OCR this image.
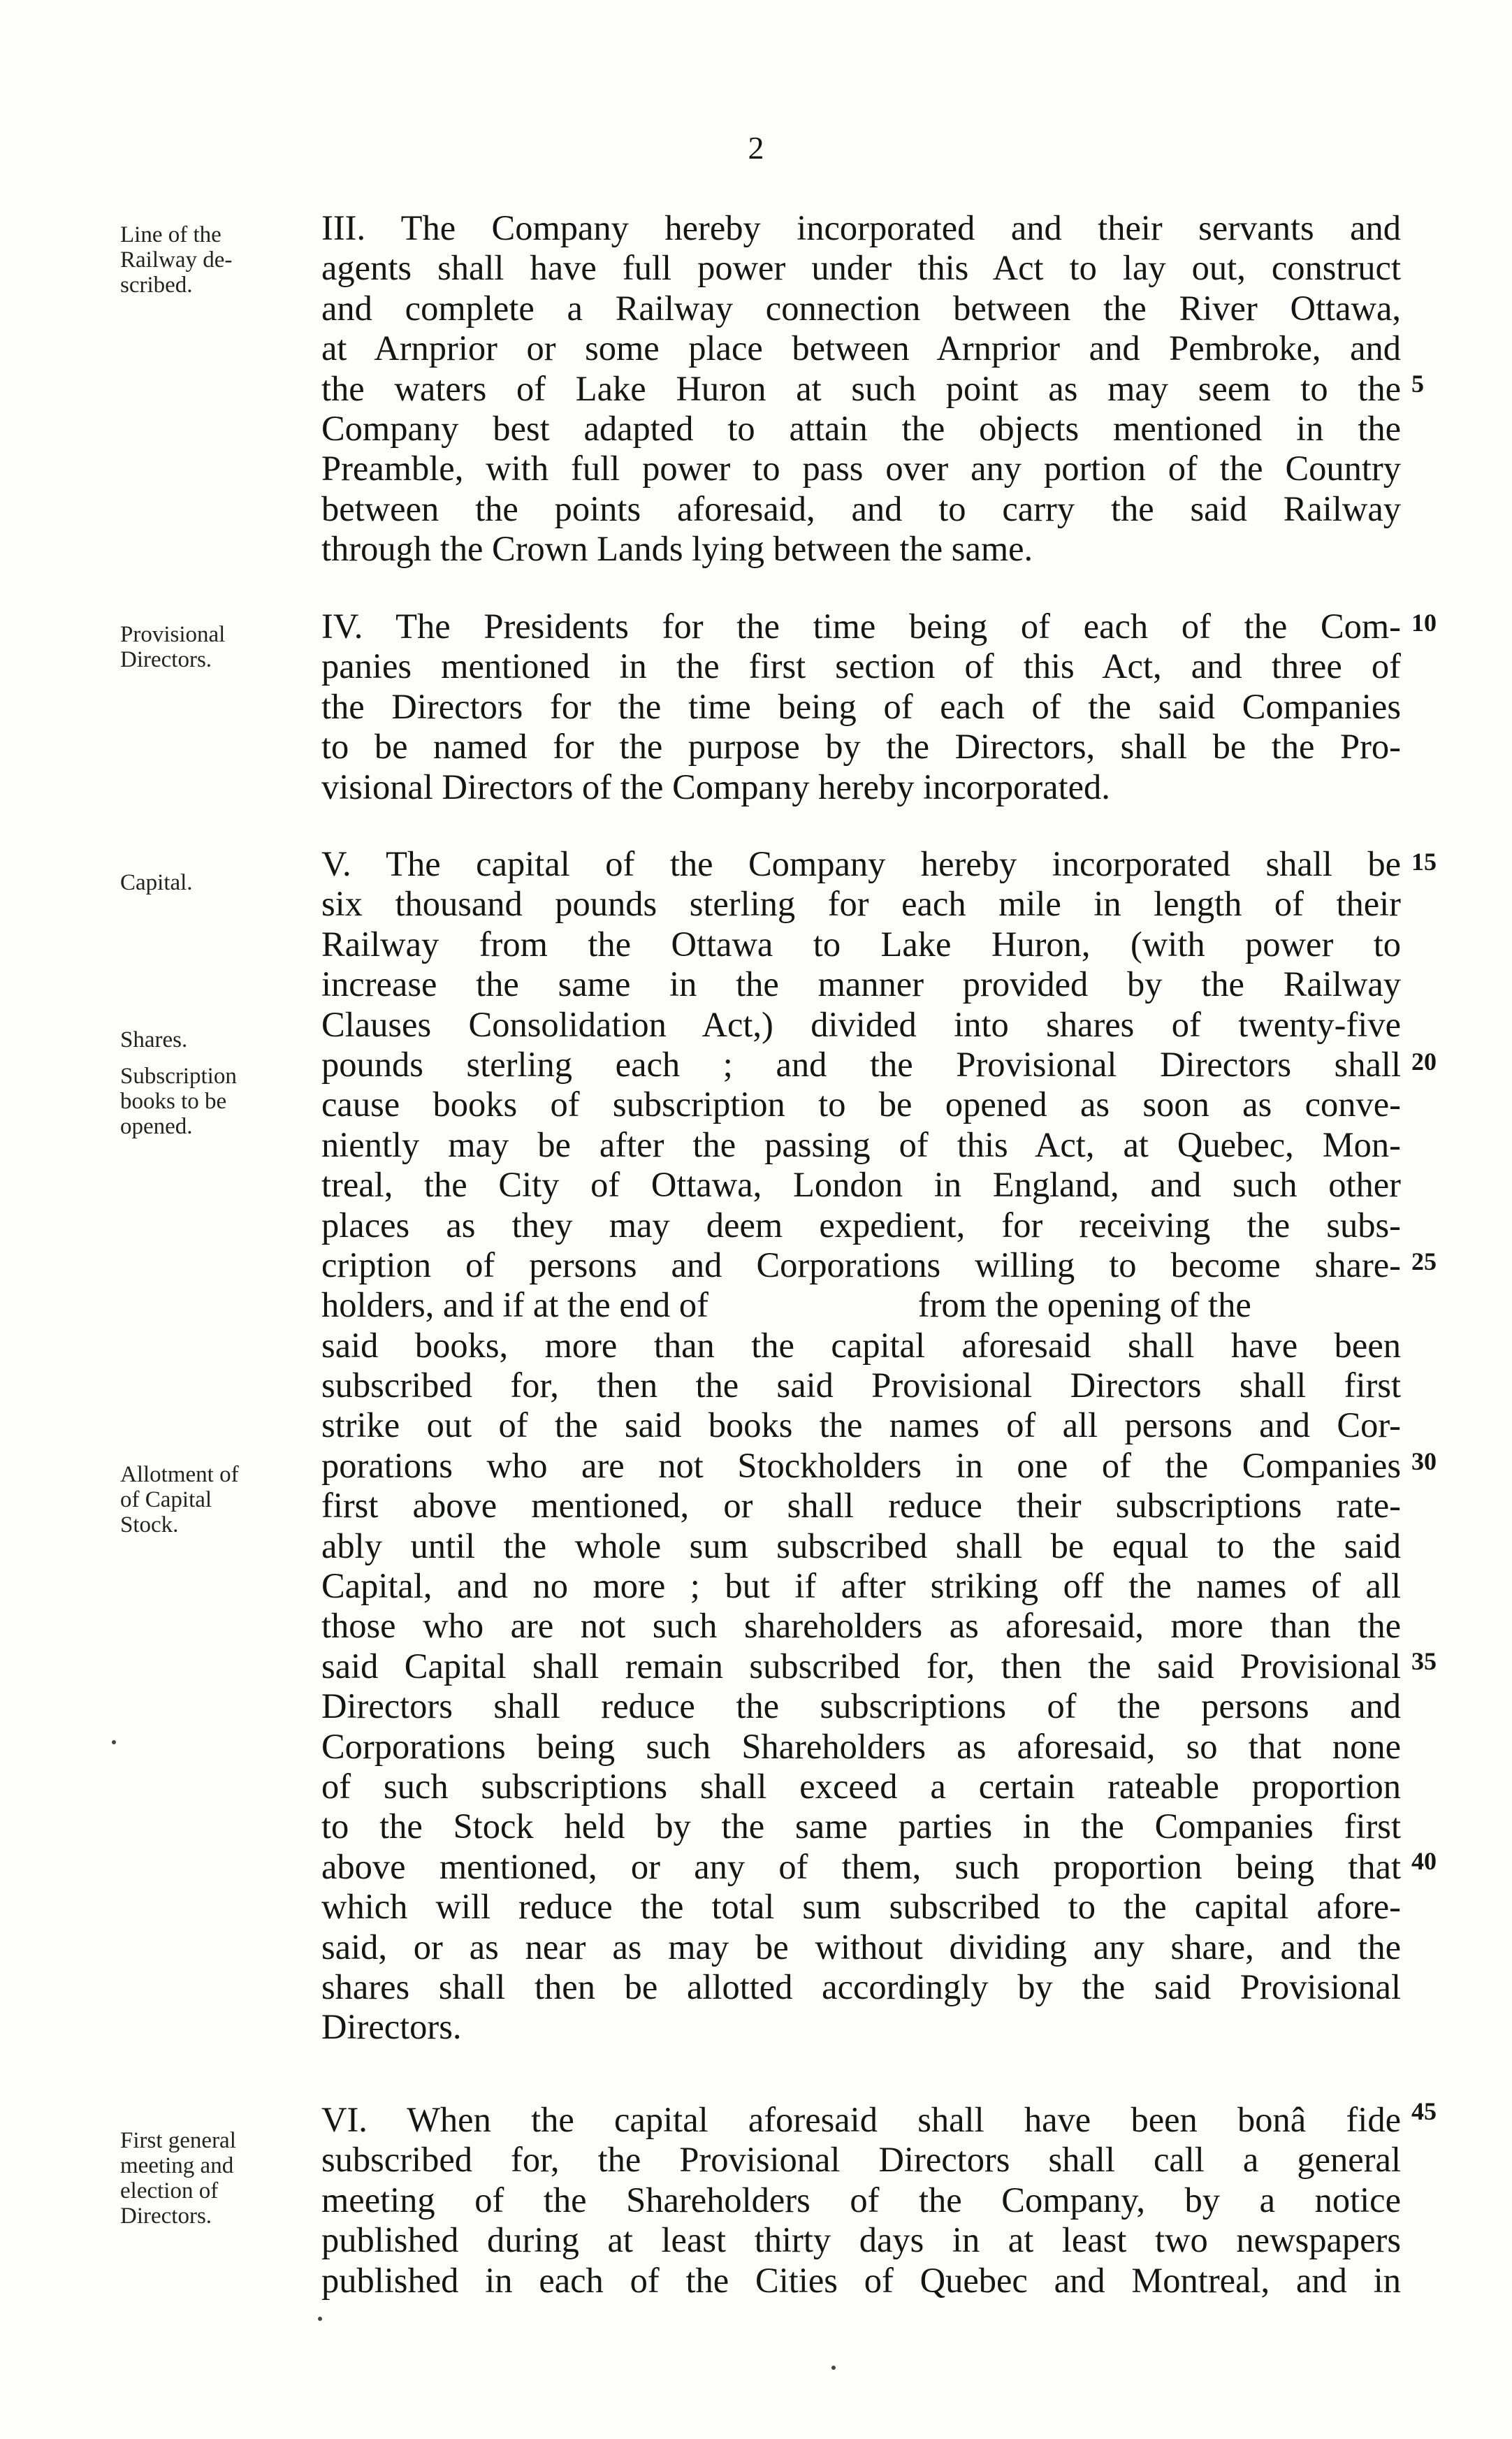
2
Line of the
Railway de-
scribed.
Provisional
Directors.
Capital.
Shares.
Subscription
books to be
opened.
Allotment of
of Capital
Stock.
First general
meeting and
election of
Directors.
III. The Company hereby incorporated and their servants and
agents shall have full power under this Act to lay out, construct
and complete a Railway connection between the River Ottawa,
at Arnprior or some place between Arnprior and Pembroke, and
the waters of Lake Huron at such point as may seem to the
Company best adapted to attain the objects mentioned in the
Preamble, with full power to pass over any portion of the Country
between the points aforesaid, and to carry the said Railway
through the Crown Lands lying between the same.
IV. The Presidents for the time being of each of the Com-
panies mentioned in the first section of this Act, and three of
the Directors for the time being of each of the said Companies
to be named for the purpose by the Directors, shall be the Pro-
visional Directors of the Company hereby incorporated.
V. The capital of the Company hereby incorporated shall be
six thousand pounds sterling for each mile in length of their
Railway from the Ottawa to Lake Huron, (with power to
increase the same in the manner provided by the Railway
Clauses Consolidation Act,) divided into shares of twenty-five
pounds sterling each ; and the Provisional Directors shall
cause books of subscription to be opened as soon as conve-
niently may be after the passing of this Act, at Quebec, Mon-
treal, the City of Ottawa, London in England, and such other
places as they may deem expedient, for receiving the subs-
cription of persons and Corporations willing to become share-
holders, and if at the end of	from the opening of the
said books, more than the capital aforesaid shall have been
subscribed for, then the said Provisional Directors shall first
strike out of the said books the names of all persons and Cor-
porations who are not Stockholders in one of the Companies
first above mentioned, or shall reduce their subscriptions rate-
ably until the whole sum subscribed shall be equal to the said
Capital, and no more ; but if after striking off the names of all
those who are not such shareholders as aforesaid, more than the
said Capital shall remain subscribed for, then the said Provisional
Directors shall reduce the subscriptions of the persons and
Corporations being such Shareholders as aforesaid, so that none
of such subscriptions shall exceed a certain rateable proportion
to the Stock held by the same parties in the Companies first
above mentioned, or any of them, such proportion being that
which will reduce the total sum subscribed to the capital afore-
said, or as near as may be without dividing any share, and the
shares shall then be allotted accordingly by the said Provisional
Directors.
VI. When the capital aforesaid shall have been bonâ fide
subscribed for, the Provisional Directors shall call a general
meeting of the Shareholders of the Company, by a notice
published during at least thirty days in at least two newspapers
published in each of the Cities of Quebec and Montreal, and in
5
10
15
20
25
30
35
40
45
